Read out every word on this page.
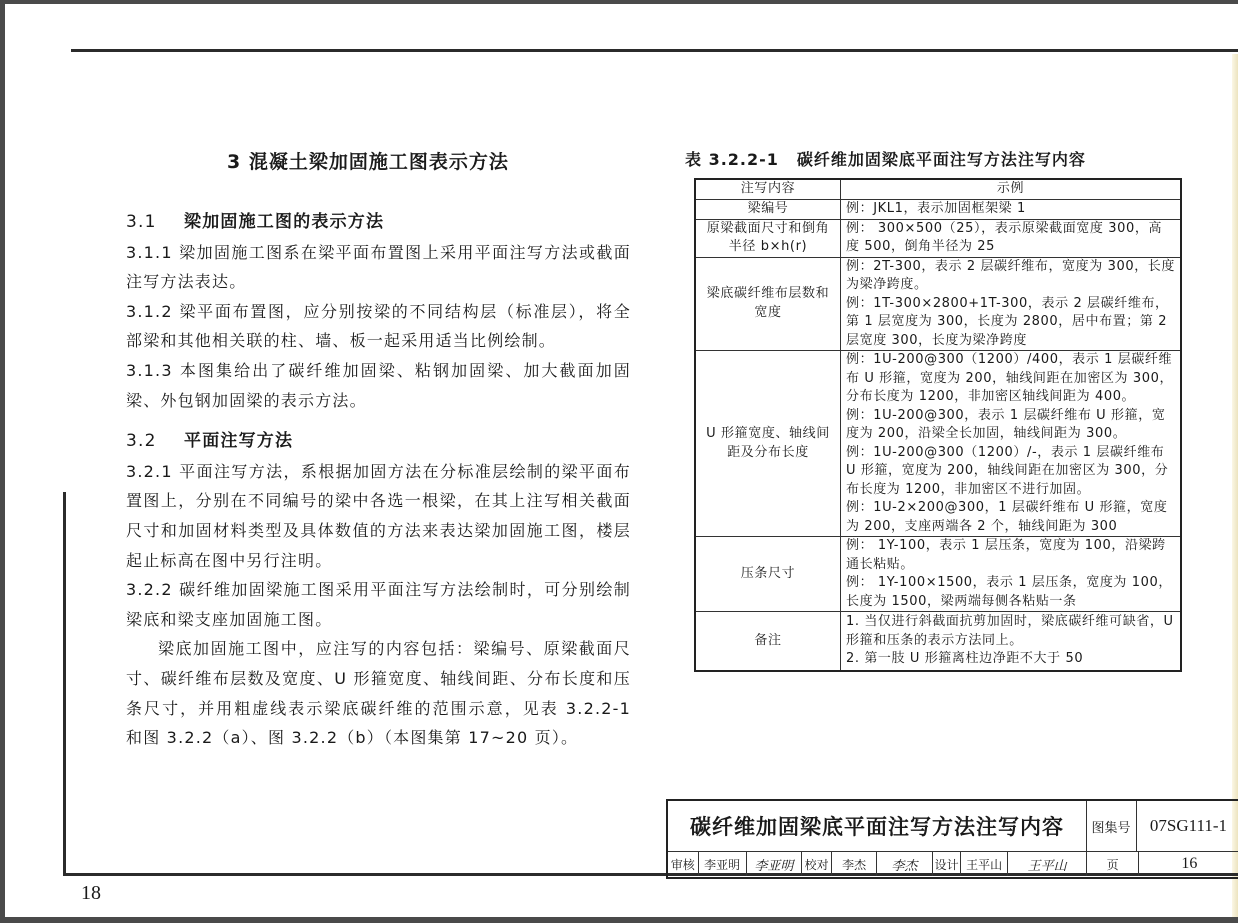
3 混凝土梁加固施工图表示方法
3.1 梁加固施工图的表示方法

3.1.1 梁加固施工图系在梁平面布置图上采用平面注写方法或截面注写方法表达。

3.1.2 梁平面布置图，应分别按梁的不同结构层（标准层），将全部梁和其他相关联的柱、墙、板一起采用适当比例绘制。

3.1.3 本图集给出了碳纤维加固梁、粘钢加固梁、加大截面加固梁、外包钢加固梁的表示方法。

3.2 平面注写方法

3.2.1 平面注写方法，系根据加固方法在分标准层绘制的梁平面布置图上，分别在不同编号的梁中各选一根梁，在其上注写相关截面尺寸和加固材料类型及具体数值的方法来表达梁加固施工图，楼层起止标高在图中另行注明。

3.2.2 碳纤维加固梁施工图采用平面注写方法绘制时，可分别绘制梁底和梁支座加固施工图。

梁底加固施工图中，应注写的内容包括：梁编号、原梁截面尺寸、碳纤维布层数及宽度、U 形箍宽度、轴线间距、分布长度和压条尺寸，并用粗虚线表示梁底碳纤维的范围示意，见表 3.2.2-1 和图 3.2.2（a）、图 3.2.2（b）（本图集第 17~20 页）。

表 3.2.2-1 碳纤维加固梁底平面注写方法注写内容
注写内容	示例
梁编号	例：JKL1，表示加固框架梁 1
原梁截面尺寸和倒角半径 b×h(r)	例： 300×500（25），表示原梁截面宽度 300，高度 500，倒角半径为 25
梁底碳纤维布层数和宽度	例：2T-300，表示 2 层碳纤维布，宽度为 300，长度为梁净跨度。
例：1T-300×2800+1T-300，表示 2 层碳纤维布，第 1 层宽度为 300，长度为 2800，居中布置；第 2 层宽度 300，长度为梁净跨度

U 形箍宽度、轴线间距及分布长度	例：1U-200@300（1200）/400，表示 1 层碳纤维布 U 形箍，宽度为 200，轴线间距在加密区为 300，分布长度为 1200，非加密区轴线间距为 400。
例：1U-200@300，表示 1 层碳纤维布 U 形箍，宽度为 200，沿梁全长加固，轴线间距为 300。
例：1U-200@300（1200）/-，表示 1 层碳纤维布 U 形箍，宽度为 200，轴线间距在加密区为 300，分布长度为 1200，非加密区不进行加固。
例：1U-2×200@300，1 层碳纤维布 U 形箍，宽度为 200，支座两端各 2 个，轴线间距为 300

压条尺寸	例： 1Y-100，表示 1 层压条，宽度为 100，沿梁跨通长粘贴。
例： 1Y-100×1500，表示 1 层压条，宽度为 100，长度为 1500，梁两端每侧各粘贴一条

备注	1. 当仅进行斜截面抗剪加固时，梁底碳纤维可缺省，U 形箍和压条的表示方法同上。
2. 第一肢 U 形箍离柱边净距不大于 50
碳纤维加固梁底平面注写方法注写内容	图集号	07SG111-1
审核 李亚明	李亚明 校对	李杰	李杰	设计 王平山	王平山	页	16
18
